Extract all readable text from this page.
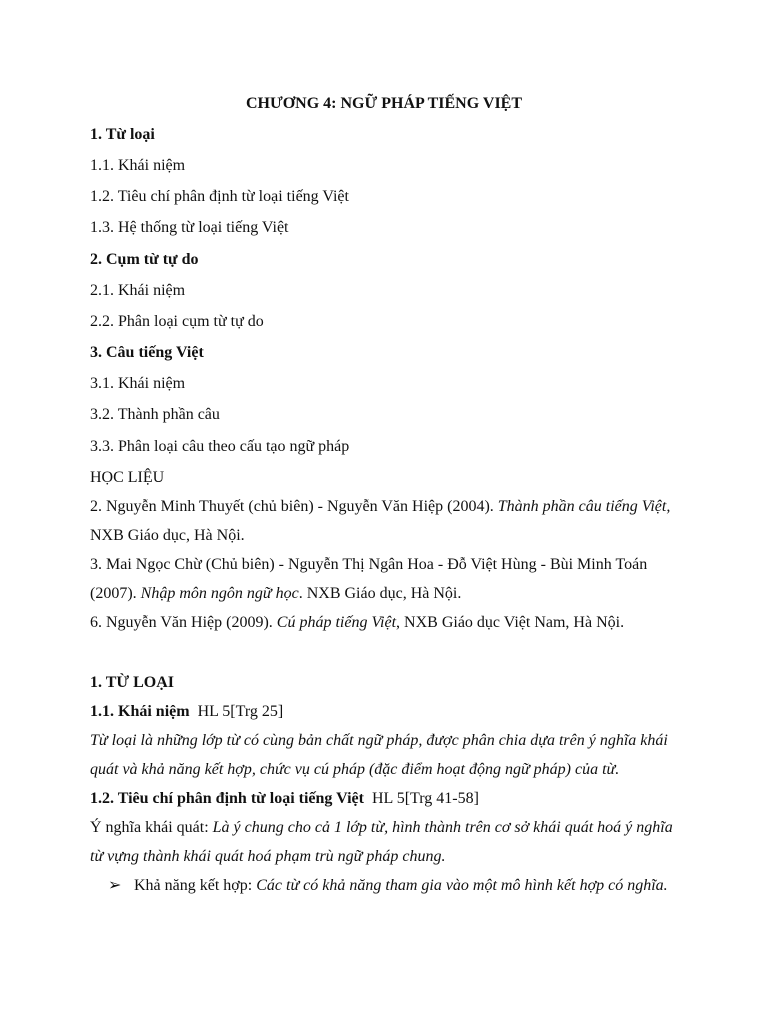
CHƯƠNG 4: NGỮ PHÁP TIẾNG VIỆT
1. Từ loại
1.1. Khái niệm
1.2. Tiêu chí phân định từ loại tiếng Việt
1.3. Hệ thống từ loại tiếng Việt
2. Cụm từ tự do
2.1. Khái niệm
2.2. Phân loại cụm từ tự do
3. Câu tiếng Việt
3.1. Khái niệm
3.2. Thành phần câu
3.3. Phân loại câu theo cấu tạo ngữ pháp
HỌC LIỆU
2. Nguyễn Minh Thuyết (chủ biên) - Nguyễn Văn Hiệp (2004). Thành phần câu tiếng Việt,
NXB Giáo dục, Hà Nội.
3. Mai Ngọc Chừ (Chủ biên) - Nguyễn Thị Ngân Hoa - Đỗ Việt Hùng - Bùi Minh Toán
(2007). Nhập môn ngôn ngữ học. NXB Giáo dục, Hà Nội.
6. Nguyễn Văn Hiệp (2009). Cú pháp tiếng Việt, NXB Giáo dục Việt Nam, Hà Nội.
1. TỪ LOẠI
1.1. Khái niệm  HL 5[Trg 25]
Từ loại là những lớp từ có cùng bản chất ngữ pháp, được phân chia dựa trên ý nghĩa khái
quát và khả năng kết hợp, chức vụ cú pháp (đặc điểm hoạt động ngữ pháp) của từ.
1.2. Tiêu chí phân định từ loại tiếng Việt  HL 5[Trg 41-58]
Ý nghĩa khái quát: Là ý chung cho cả 1 lớp từ, hình thành trên cơ sở khái quát hoá ý nghĩa
từ vựng thành khái quát hoá phạm trù ngữ pháp chung.
➢ Khả năng kết hợp: Các từ có khả năng tham gia vào một mô hình kết hợp có nghĩa.
